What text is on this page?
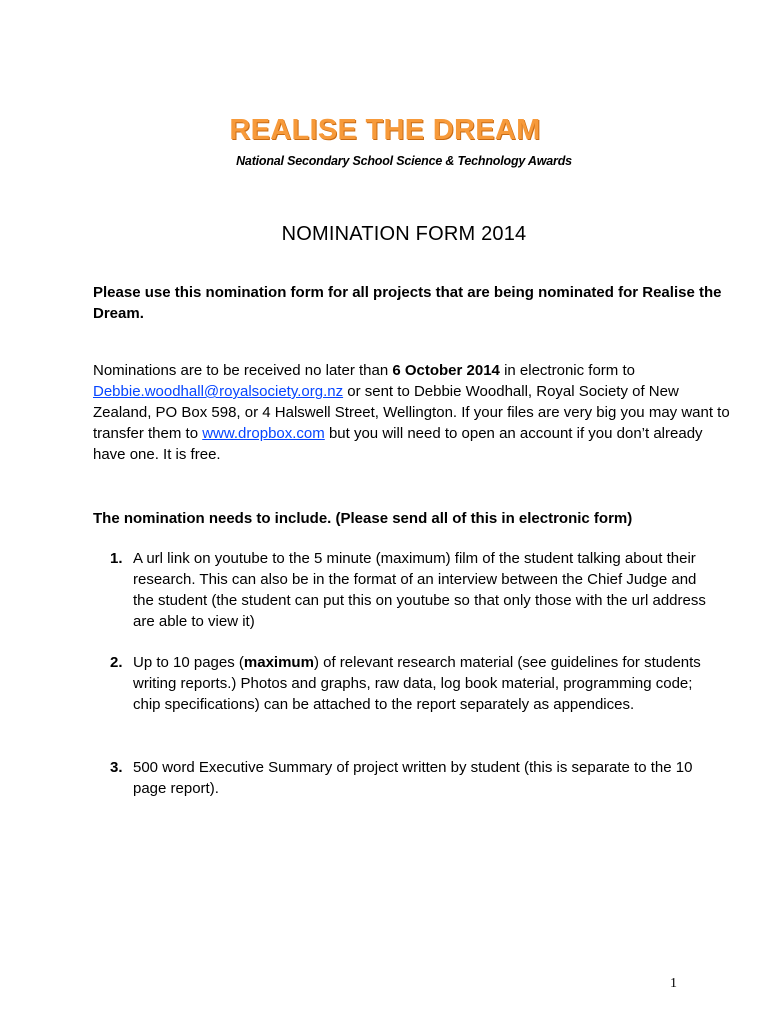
REALISE THE DREAM
National Secondary School Science & Technology Awards
NOMINATION FORM 2014
Please use this nomination form for all projects that are being nominated for Realise the Dream.
Nominations are to be received no later than 6 October 2014 in electronic form to Debbie.woodhall@royalsociety.org.nz or sent to Debbie Woodhall, Royal Society of New Zealand, PO Box 598, or 4 Halswell Street, Wellington. If your files are very big you may want to transfer them to www.dropbox.com but you will need to open an account if you don’t already have one. It is free.
The nomination needs to include. (Please send all of this in electronic form)
1. A url link on youtube to the 5 minute (maximum) film of the student talking about their research. This can also be in the format of an interview between the Chief Judge and the student (the student can put this on youtube so that only those with the url address are able to view it)
2. Up to 10 pages (maximum) of relevant research material (see guidelines for students writing reports.) Photos and graphs, raw data, log book material, programming code; chip specifications) can be attached to the report separately as appendices.
3. 500 word Executive Summary of project written by student (this is separate to the 10 page report).
1
